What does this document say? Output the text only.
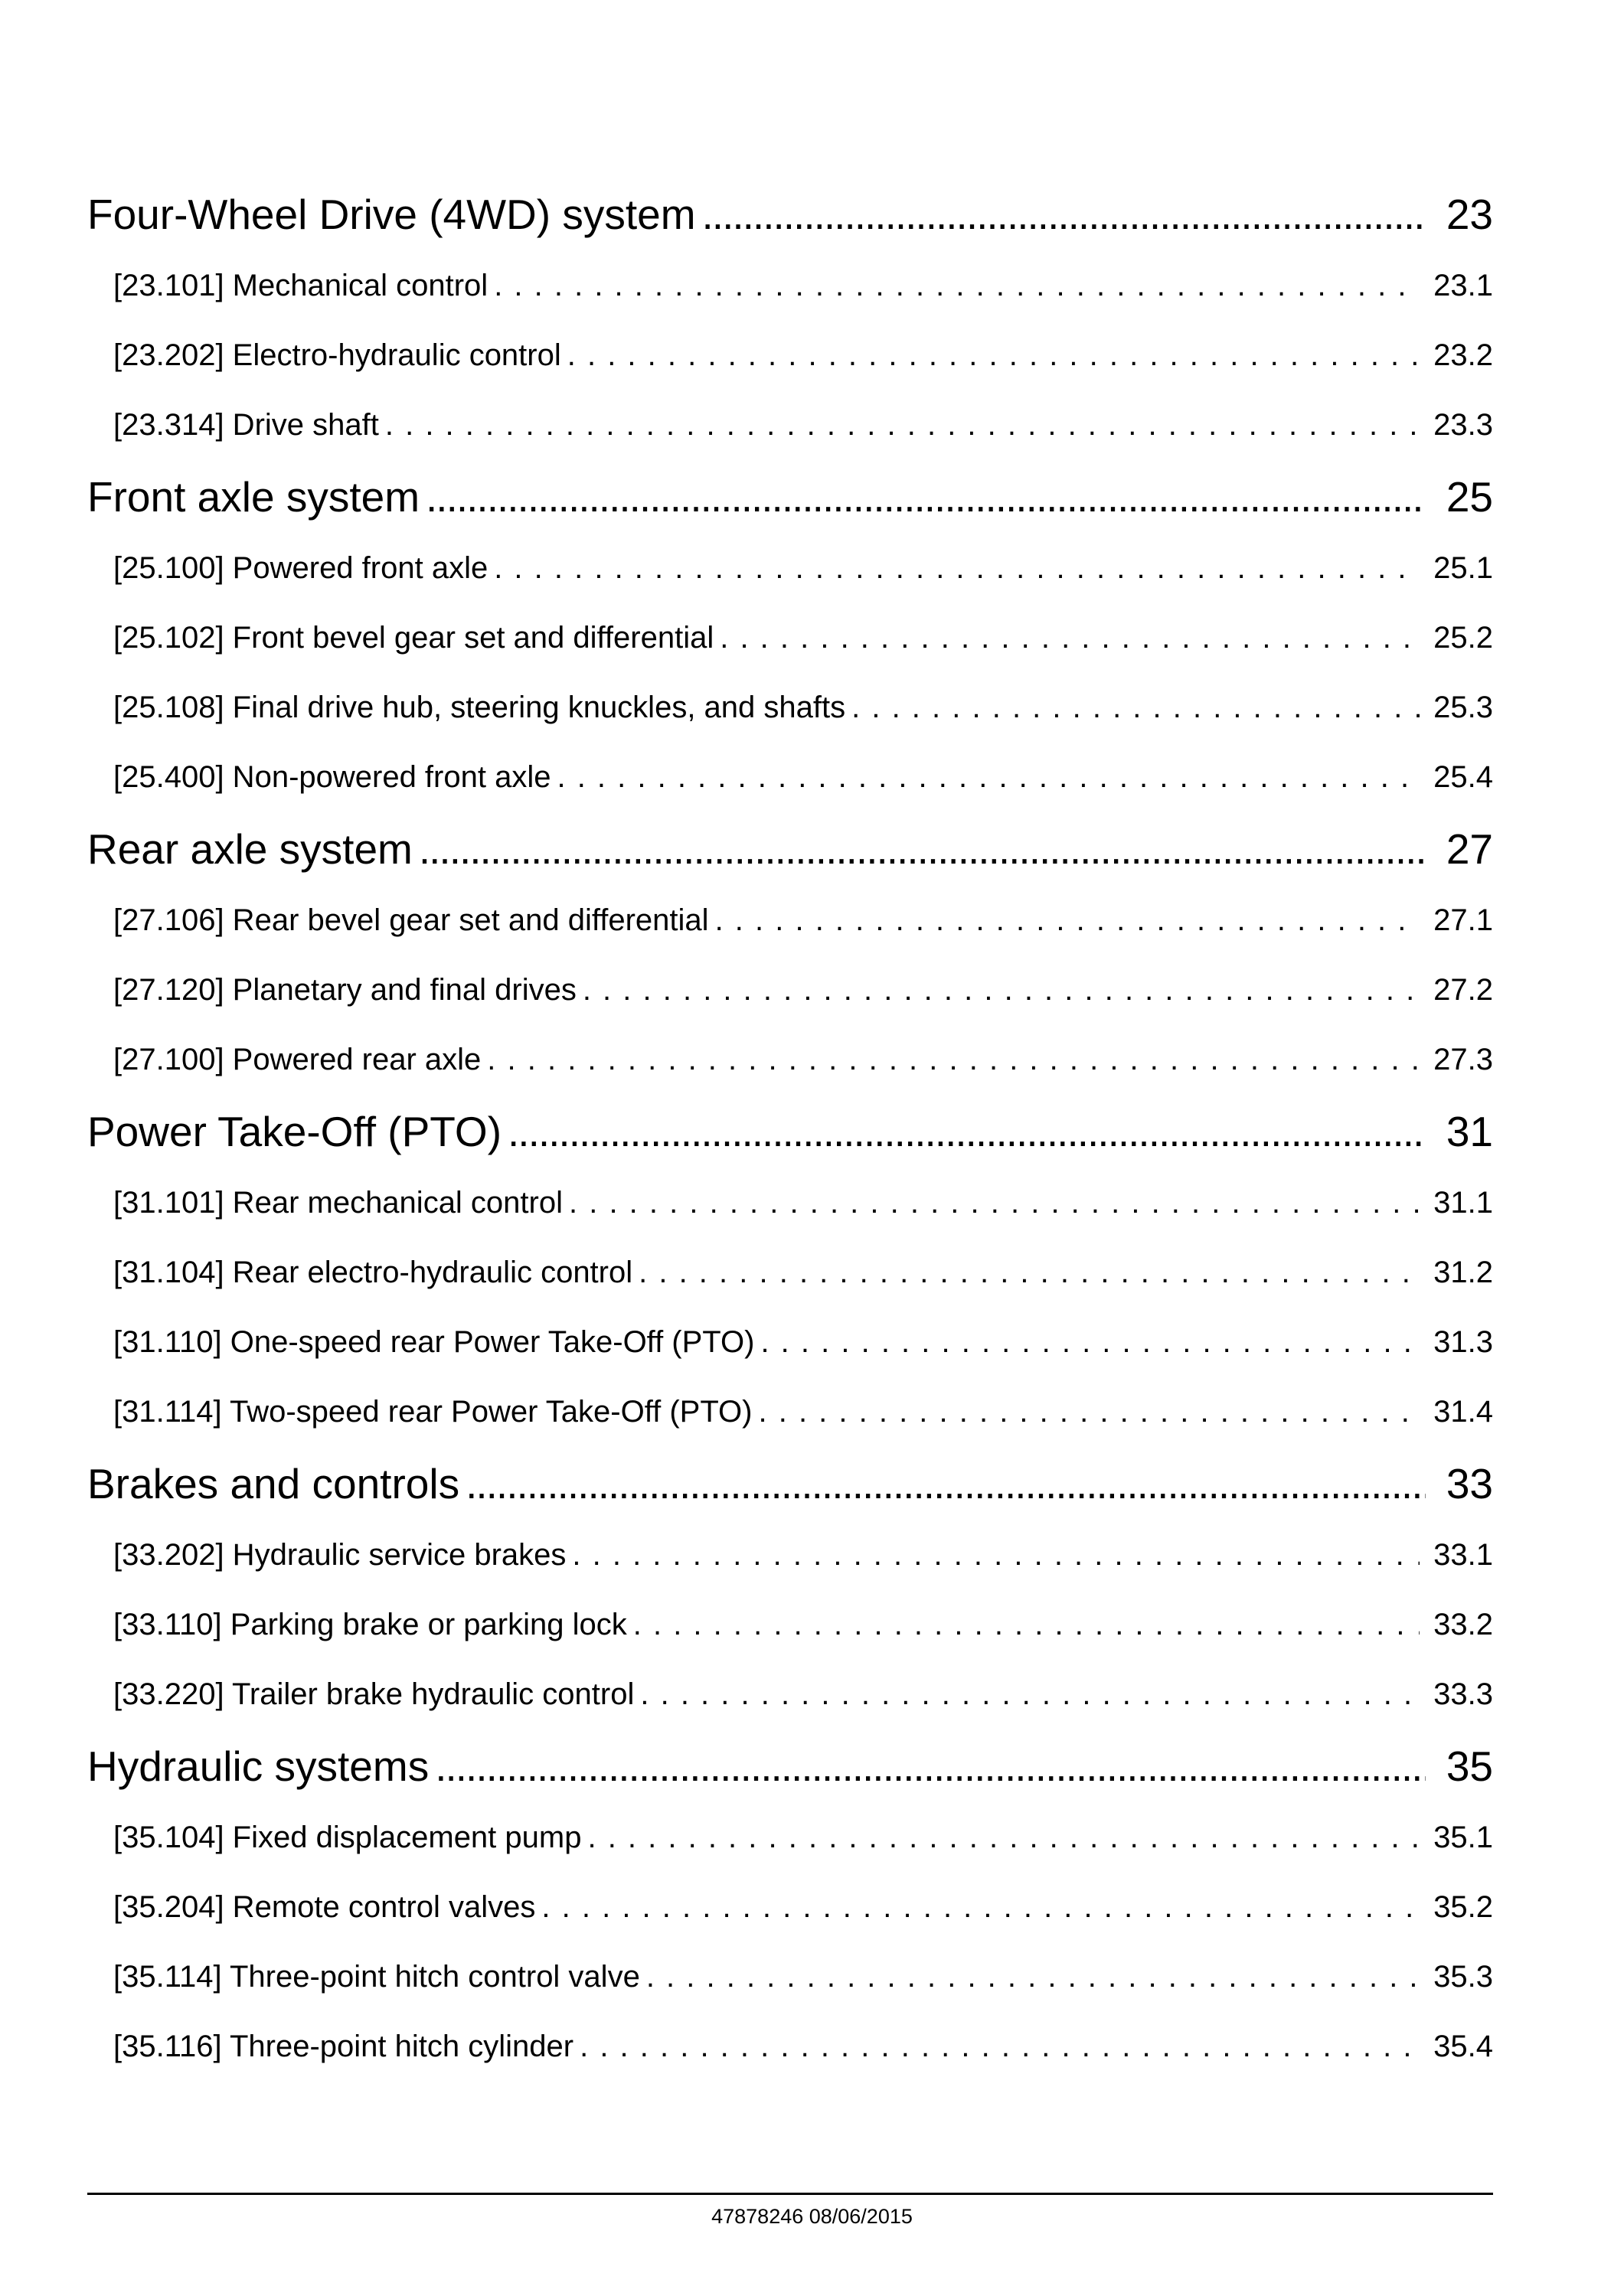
Four-Wheel Drive (4WD) system .....	23
[23.101] Mechanical control . . .	23.1
[23.202] Electro-hydraulic control . . .	23.2
[23.314] Drive shaft . . .	23.3
Front axle system .....	25
[25.100] Powered front axle . . .	25.1
[25.102] Front bevel gear set and differential . . .	25.2
[25.108] Final drive hub, steering knuckles, and shafts . . .	25.3
[25.400] Non-powered front axle . . .	25.4
Rear axle system .....	27
[27.106] Rear bevel gear set and differential . . .	27.1
[27.120] Planetary and final drives . . .	27.2
[27.100] Powered rear axle . . .	27.3
Power Take-Off (PTO) .....	31
[31.101] Rear mechanical control . . .	31.1
[31.104] Rear electro-hydraulic control . . .	31.2
[31.110] One-speed rear Power Take-Off (PTO) . . .	31.3
[31.114] Two-speed rear Power Take-Off (PTO) . . .	31.4
Brakes and controls .....	33
[33.202] Hydraulic service brakes . . .	33.1
[33.110] Parking brake or parking lock . . .	33.2
[33.220] Trailer brake hydraulic control . . .	33.3
Hydraulic systems .....	35
[35.104] Fixed displacement pump . . .	35.1
[35.204] Remote control valves . . .	35.2
[35.114] Three-point hitch control valve . . .	35.3
[35.116] Three-point hitch cylinder . . .	35.4
47878246 08/06/2015
